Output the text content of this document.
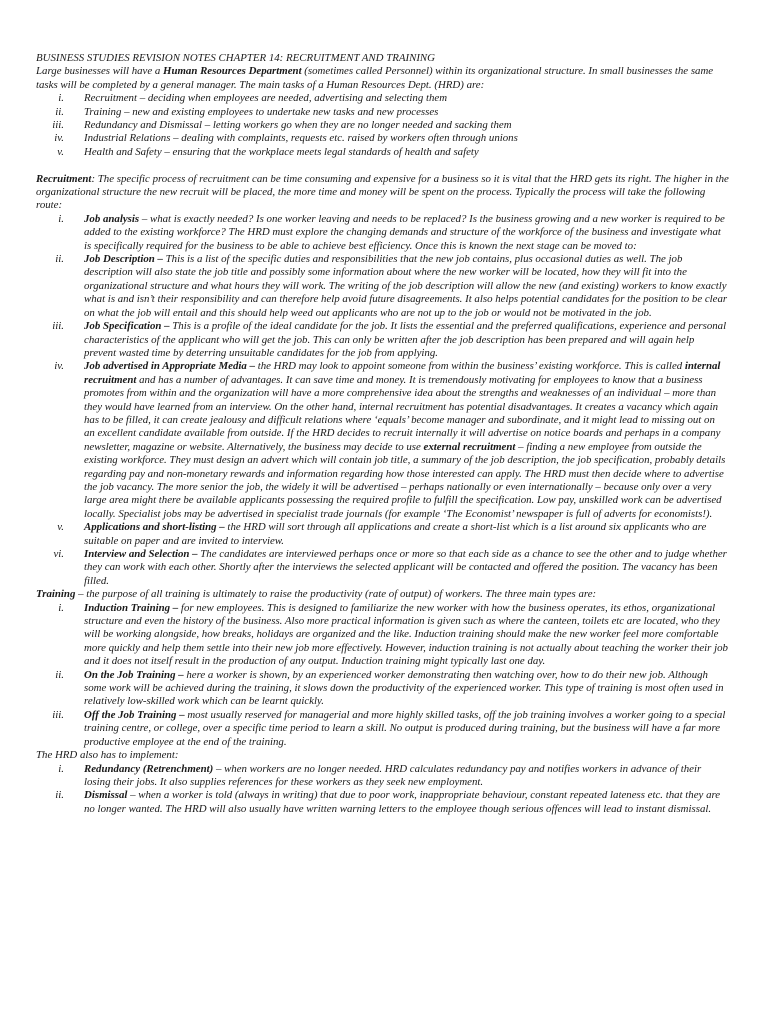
BUSINESS STUDIES REVISION NOTES CHAPTER 14: RECRUITMENT AND TRAINING

Large businesses will have a Human Resources Department (sometimes called Personnel) within its organizational structure. In small businesses the same tasks will be completed by a general manager. The main tasks of a Human Resources Dept. (HRD) are:

i. Recruitment – deciding when employees are needed, advertising and selecting them
ii. Training – new and existing employees to undertake new tasks and new processes
iii. Redundancy and Dismissal – letting workers go when they are no longer needed and sacking them
iv. Industrial Relations – dealing with complaints, requests etc. raised by workers often through unions
v. Health and Safety – ensuring that the workplace meets legal standards of health and safety

Recruitment: The specific process of recruitment can be time consuming and expensive for a business so it is vital that the HRD gets its right. The higher in the organizational structure the new recruit will be placed, the more time and money will be spent on the process. Typically the process will take the following route:

i. Job analysis – what is exactly needed? Is one worker leaving and needs to be replaced? Is the business growing and a new worker is required to be added to the existing workforce? The HRD must explore the changing demands and structure of the workforce of the business and investigate what is specifically required for the business to be able to achieve best efficiency. Once this is known the next stage can be moved to:
ii. Job Description – This is a list of the specific duties and responsibilities that the new job contains, plus occasional duties as well. The job description will also state the job title and possibly some information about where the new worker will be located, how they will fit into the organizational structure and what hours they will work. The writing of the job description will allow the new (and existing) workers to know exactly what is and isn’t their responsibility and can therefore help avoid future disagreements. It also helps potential candidates for the position to be clear on what the job will entail and this should help weed out applicants who are not up to the job or would not be motivated in the job.
iii. Job Specification – This is a profile of the ideal candidate for the job. It lists the essential and the preferred qualifications, experience and personal characteristics of the applicant who will get the job. This can only be written after the job description has been prepared and will again help prevent wasted time by deterring unsuitable candidates for the job from applying.
iv. Job advertised in Appropriate Media – the HRD may look to appoint someone from within the business’ existing workforce. This is called internal recruitment and has a number of advantages. It can save time and money. It is tremendously motivating for employees to know that a business promotes from within and the organization will have a more comprehensive idea about the strengths and weaknesses of an individual – more than they would have learned from an interview. On the other hand, internal recruitment has potential disadvantages. It creates a vacancy which again has to be filled, it can create jealousy and difficult relations where ‘equals’ become manager and subordinate, and it might lead to missing out on an excellent candidate available from outside. If the HRD decides to recruit internally it will advertise on notice boards and perhaps in a company newsletter, magazine or website. Alternatively, the business may decide to use external recruitment – finding a new employee from outside the existing workforce. They must design an advert which will contain job title, a summary of the job description, the job specification, probably details regarding pay and non-monetary rewards and information regarding how those interested can apply. The HRD must then decide where to advertise the job vacancy. The more senior the job, the widely it will be advertised – perhaps nationally or even internationally – because only over a very large area might there be available applicants possessing the required profile to fulfill the specification. Low pay, unskilled work can be advertised locally. Specialist jobs may be advertised in specialist trade journals (for example ‘The Economist’ newspaper is full of adverts for economists!).
v. Applications and short-listing – the HRD will sort through all applications and create a short-list which is a list around six applicants who are suitable on paper and are invited to interview.
vi. Interview and Selection – The candidates are interviewed perhaps once or more so that each side as a chance to see the other and to judge whether they can work with each other. Shortly after the interviews the selected applicant will be contacted and offered the position. The vacancy has been filled.

Training – the purpose of all training is ultimately to raise the productivity (rate of output) of workers. The three main types are:

i. Induction Training – for new employees. This is designed to familiarize the new worker with how the business operates, its ethos, organizational structure and even the history of the business. Also more practical information is given such as where the canteen, toilets etc are located, who they will be working alongside, how breaks, holidays are organized and the like. Induction training should make the new worker feel more comfortable more quickly and help them settle into their new job more effectively. However, induction training is not actually about teaching the worker their job and it does not itself result in the production of any output. Induction training might typically last one day.
ii. On the Job Training – here a worker is shown, by an experienced worker demonstrating then watching over, how to do their new job. Although some work will be achieved during the training, it slows down the productivity of the experienced worker. This type of training is most often used in relatively low-skilled work which can be learnt quickly.
iii. Off the Job Training – most usually reserved for managerial and more highly skilled tasks, off the job training involves a worker going to a special training centre, or college, over a specific time period to learn a skill. No output is produced during training, but the business will have a far more productive employee at the end of the training.

The HRD also has to implement:

i. Redundancy (Retrenchment) – when workers are no longer needed. HRD calculates redundancy pay and notifies workers in advance of their losing their jobs. It also supplies references for these workers as they seek new employment.
ii. Dismissal – when a worker is told (always in writing) that due to poor work, inappropriate behaviour, constant repeated lateness etc. that they are no longer wanted. The HRD will also usually have written warning letters to the employee though serious offences will lead to instant dismissal.
